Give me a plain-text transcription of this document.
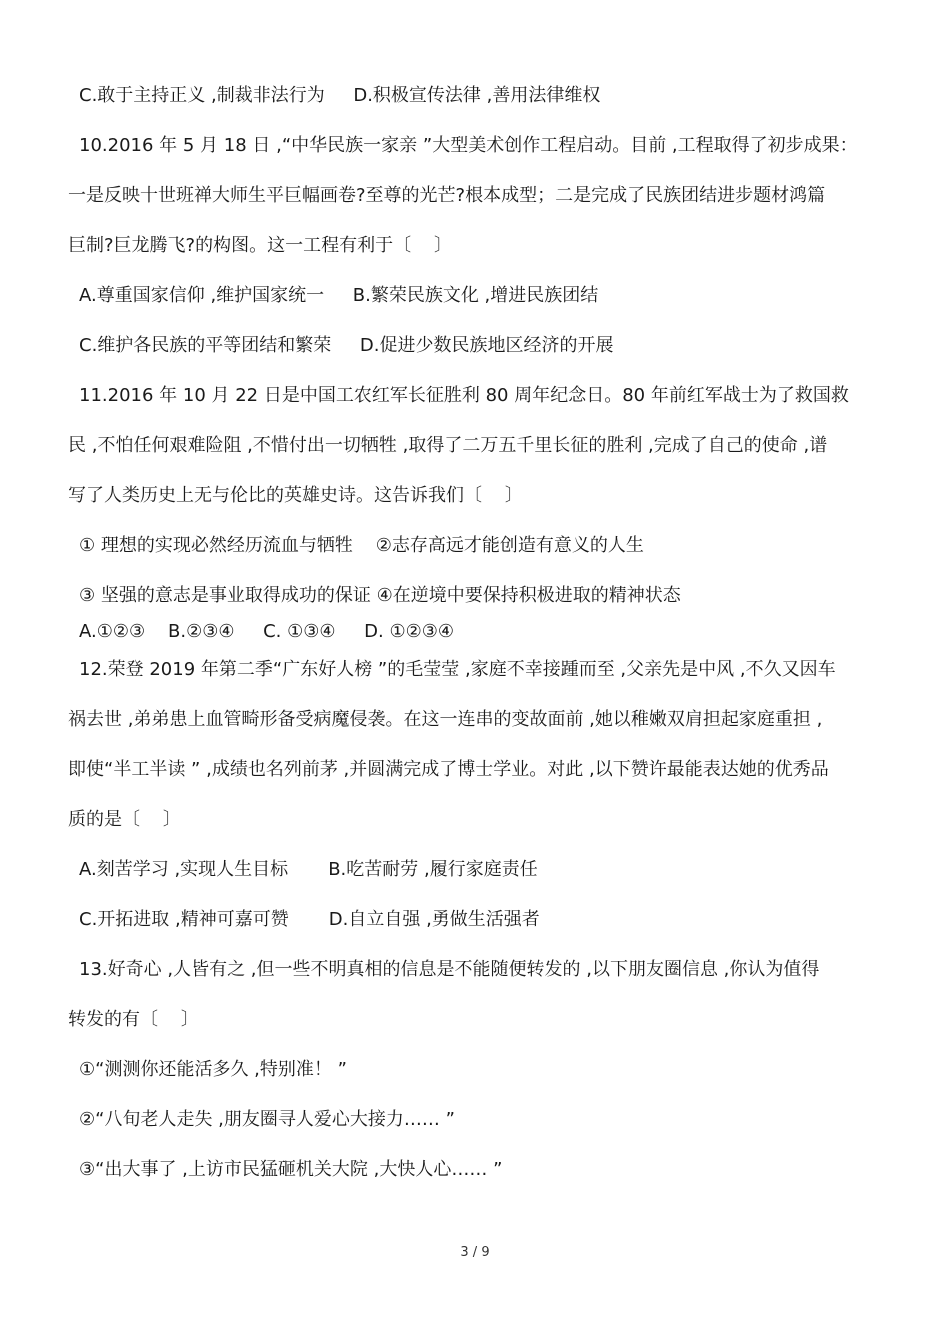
C.敢于主持正义 ,制裁非法行为     D.积极宣传法律 ,善用法律维权
10.2016 年 5 月 18 日 ,“中华民族一家亲 ”大型美术创作工程启动。目前 ,工程取得了初步成果：
一是反映十世班禅大师生平巨幅画卷?至尊的光芒?根本成型；二是完成了民族团结进步题材鸿篇
巨制?巨龙腾飞?的构图。这一工程有利于〔    〕
A.尊重国家信仰 ,维护国家统一     B.繁荣民族文化 ,增进民族团结
C.维护各民族的平等团结和繁荣     D.促进少数民族地区经济的开展
11.2016 年 10 月 22 日是中国工农红军长征胜利 80 周年纪念日。80 年前红军战士为了救国救
民 ,不怕任何艰难险阻 ,不惜付出一切牺牲 ,取得了二万五千里长征的胜利 ,完成了自己的使命 ,谱
写了人类历史上无与伦比的英雄史诗。这告诉我们〔    〕
① 理想的实现必然经历流血与牺牲    ②志存高远才能创造有意义的人生
③ 坚强的意志是事业取得成功的保证 ④在逆境中要保持积极进取的精神状态
A.①②③    B.②③④     C. ①③④     D. ①②③④
12.荣登 2019 年第二季“广东好人榜 ”的毛莹莹 ,家庭不幸接踵而至 ,父亲先是中风 ,不久又因车
祸去世 ,弟弟患上血管畸形备受病魔侵袭。在这一连串的变故面前 ,她以稚嫩双肩担起家庭重担 ,
即使“半工半读 ” ,成绩也名列前茅 ,并圆满完成了博士学业。对此 ,以下赞许最能表达她的优秀品
质的是〔    〕
A.刻苦学习 ,实现人生目标       B.吃苦耐劳 ,履行家庭责任
C.开拓进取 ,精神可嘉可赞       D.自立自强 ,勇做生活强者
13.好奇心 ,人皆有之 ,但一些不明真相的信息是不能随便转发的 ,以下朋友圈信息 ,你认为值得
转发的有〔    〕
①“测测你还能活多久 ,特别准！ ”
②“八旬老人走失 ,朋友圈寻人爱心大接力…… ”
③“出大事了 ,上访市民猛砸机关大院 ,大快人心…… ”
3 / 9
